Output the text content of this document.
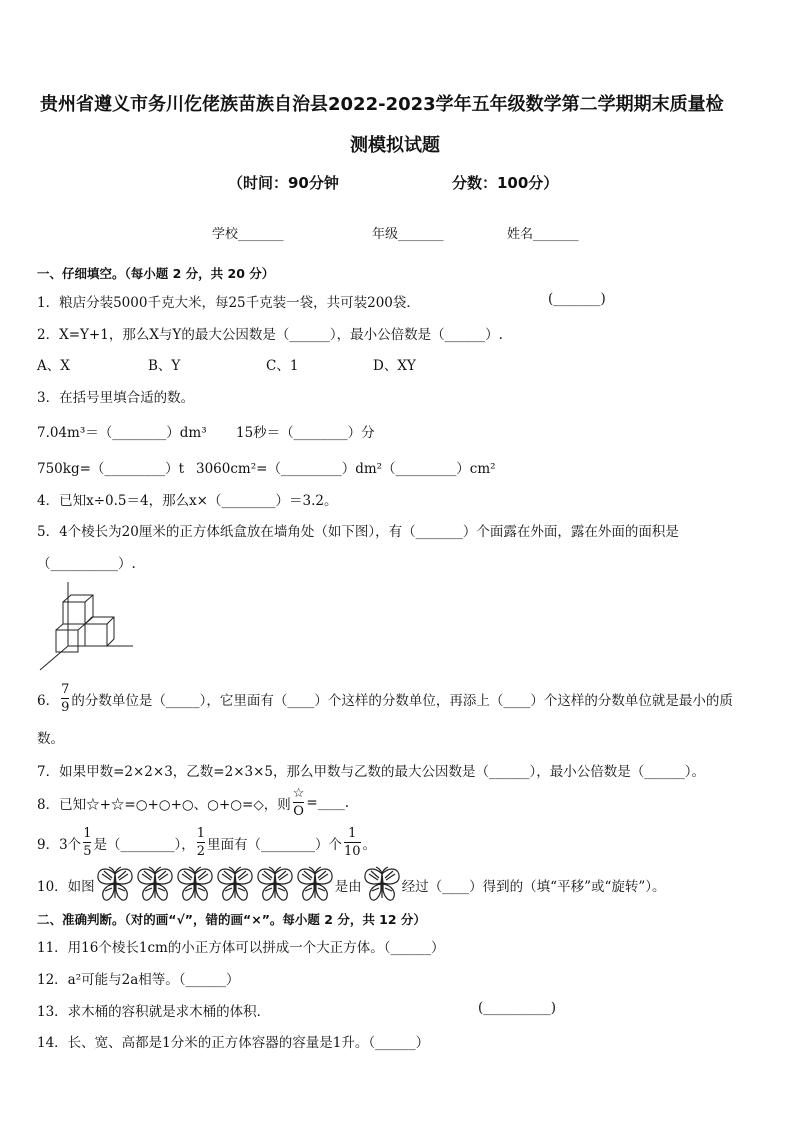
贵州省遵义市务川仡佬族苗族自治县2022-2023学年五年级数学第二学期期末质量检
测模拟试题
（时间：90分钟	分数：100分）
学校_______	年级_______	姓名_______
一、仔细填空。（每小题 2 分，共 20 分）
1．粮店分装5000千克大米，每25千克装一袋，共可装200袋．	(_______)
2．X=Y+1，那么X与Y的最大公因数是（______），最小公倍数是（______）.
A、X	B、Y	C、1	D、XY
3．在括号里填合适的数。
7.04m³＝（________）dm³ 15秒＝（________）分
750kg=（_________）t 3060cm²=（_________）dm²（_________）cm²
4．已知x÷0.5＝4，那么x×（________）＝3.2。
5．4个棱长为20厘米的正方体纸盒放在墙角处（如下图），有（_______）个面露在外面，露在外面的面积是
（__________）.
6． $\frac{7}{9}$ 的分数单位是（_____），它里面有（____）个这样的分数单位，再添上（____）个这样的分数单位就是最小的质
数。
7．如果甲数=2×2×3，乙数=2×3×5，那么甲数与乙数的最大公因数是（______），最小公倍数是（______）。
8．已知☆+☆=○+○+○、○+○=◇，则 $\frac{☆}{O}$ =____.
9．3个 $\frac{1}{5}$ 是（________）， $\frac{1}{2}$ 里面有（________）个 $\frac{1}{10}$ 。
10．如图	是由	经过（____）得到的（填“平移”或“旋转”）。
二、准确判断。（对的画“√”，错的画“×”。每小题 2 分，共 12 分）
11．用16个棱长1cm的小正方体可以拼成一个大正方体。（______）
12．a²可能与2a相等。（______）
13．求木桶的容积就是求木桶的体积．	(__________)
14．长、宽、高都是1分米的正方体容器的容量是1升。（______）
